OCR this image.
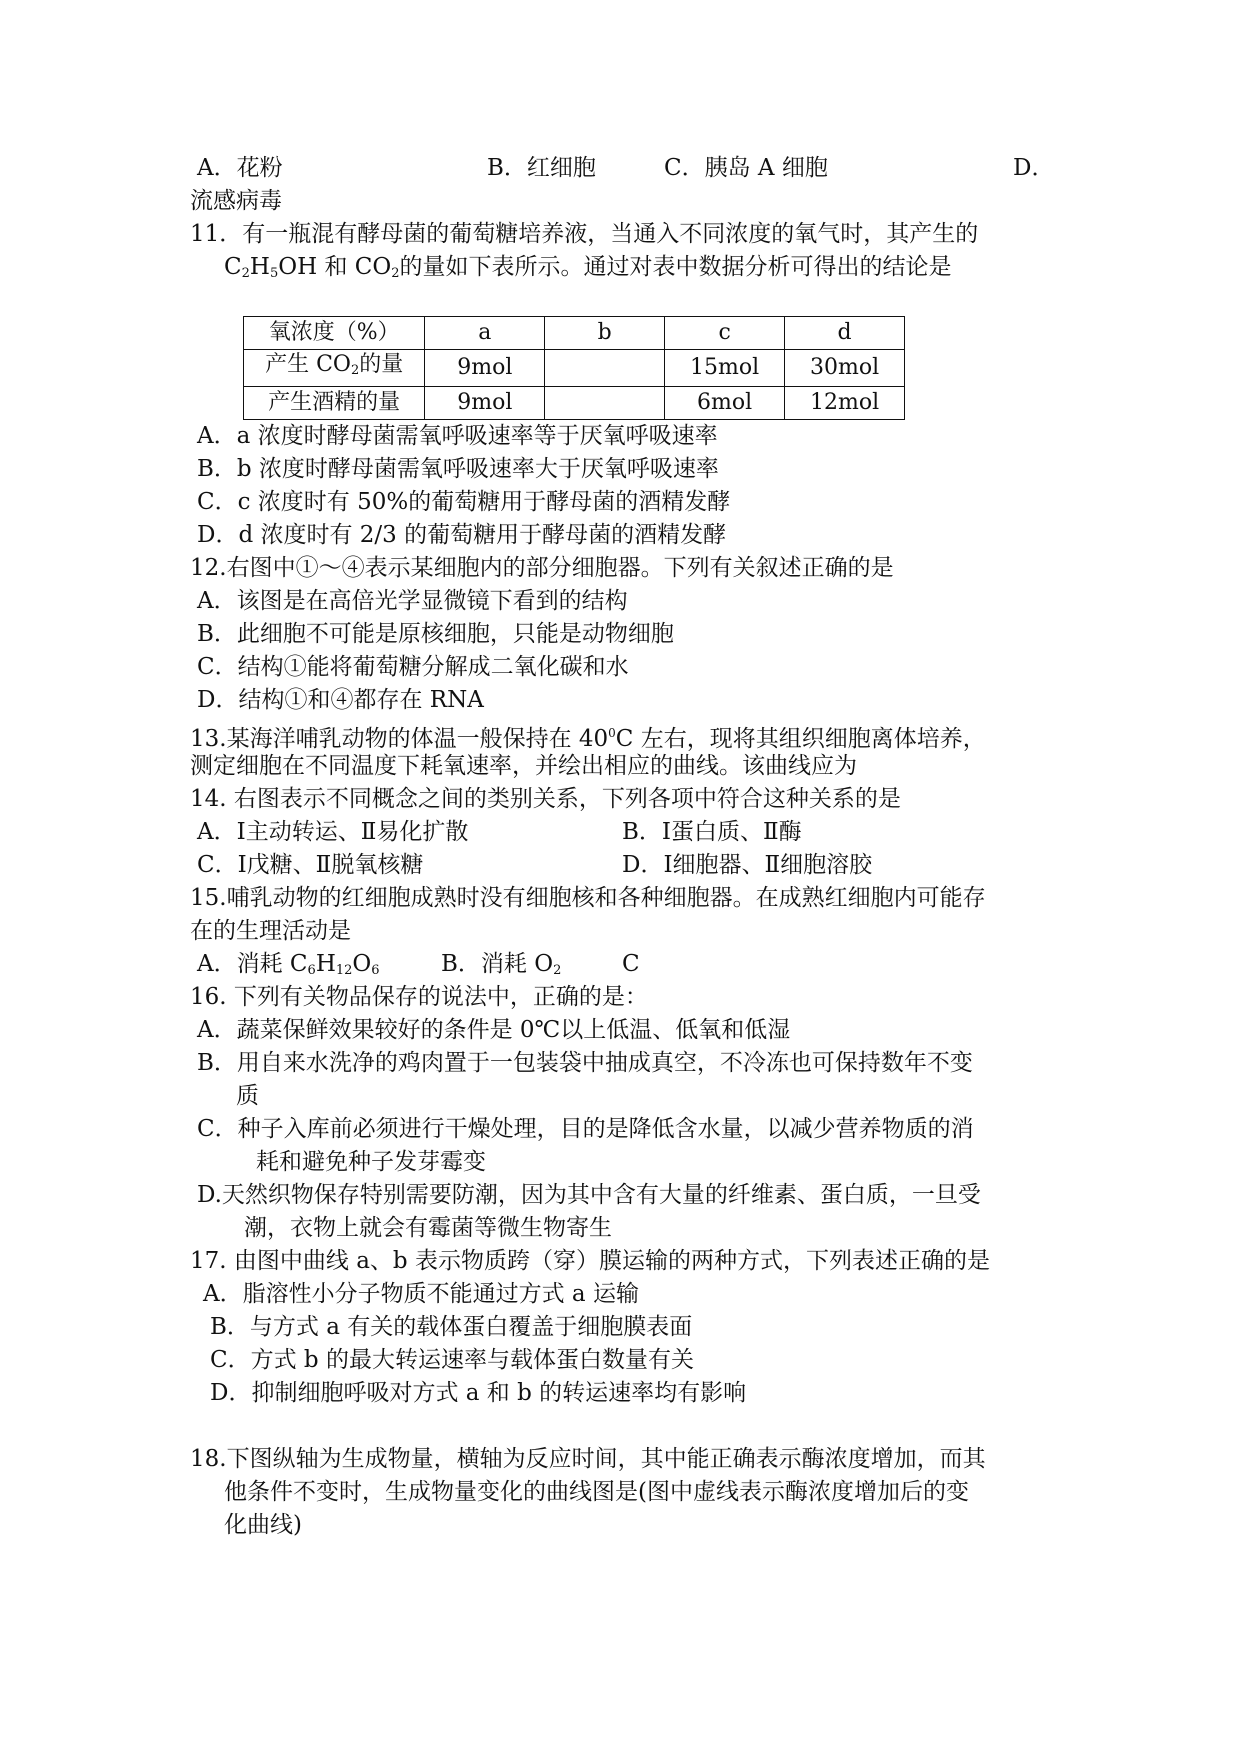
A．花粉	B．红细胞	C．胰岛 A 细胞	D．
流感病毒
11．有一瓶混有酵母菌的葡萄糖培养液，当通入不同浓度的氧气时，其产生的
$C_2H_5OH$ 和 $CO_2$的量如下表所示。通过对表中数据分析可得出的结论是
氧浓度（%）	a	b	c	d
产生 $CO_2$的量	9mol		15mol	30mol
产生酒精的量	9mol		6mol	12mol
A．a 浓度时酵母菌需氧呼吸速率等于厌氧呼吸速率
B．b 浓度时酵母菌需氧呼吸速率大于厌氧呼吸速率
C．c 浓度时有 50%的葡萄糖用于酵母菌的酒精发酵
D．d 浓度时有 2/3 的葡萄糖用于酵母菌的酒精发酵
12.右图中①～④表示某细胞内的部分细胞器。下列有关叙述正确的是
A．该图是在高倍光学显微镜下看到的结构
B．此细胞不可能是原核细胞，只能是动物细胞
C．结构①能将葡萄糖分解成二氧化碳和水
D．结构①和④都存在 RNA
13.某海洋哺乳动物的体温一般保持在 $40^0C$ 左右，现将其组织细胞离体培养，
测定细胞在不同温度下耗氧速率，并绘出相应的曲线。该曲线应为
14. 右图表示不同概念之间的类别关系，下列各项中符合这种关系的是
A．Ⅰ主动转运、Ⅱ易化扩散	B．Ⅰ蛋白质、Ⅱ酶
C．Ⅰ戊糖、Ⅱ脱氧核糖	D．Ⅰ细胞器、Ⅱ细胞溶胶
15.哺乳动物的红细胞成熟时没有细胞核和各种细胞器。在成熟红细胞内可能存
在的生理活动是
A．消耗 $C_6H_{12}O_6$	B．消耗 $O_2$	C
16. 下列有关物品保存的说法中，正确的是：
A．蔬菜保鲜效果较好的条件是 0℃以上低温、低氧和低湿
B．用自来水洗净的鸡肉置于一包装袋中抽成真空，不冷冻也可保持数年不变
质
C．种子入库前必须进行干燥处理，目的是降低含水量，以减少营养物质的消
耗和避免种子发芽霉变
D.天然织物保存特别需要防潮，因为其中含有大量的纤维素、蛋白质，一旦受
潮，衣物上就会有霉菌等微生物寄生
17. 由图中曲线 a、b 表示物质跨（穿）膜运输的两种方式，下列表述正确的是
A．脂溶性小分子物质不能通过方式 a 运输
B．与方式 a 有关的载体蛋白覆盖于细胞膜表面
C．方式 b 的最大转运速率与载体蛋白数量有关
D．抑制细胞呼吸对方式 a 和 b 的转运速率均有影响
18.下图纵轴为生成物量，横轴为反应时间，其中能正确表示酶浓度增加，而其
他条件不变时，生成物量变化的曲线图是(图中虚线表示酶浓度增加后的变
化曲线)
